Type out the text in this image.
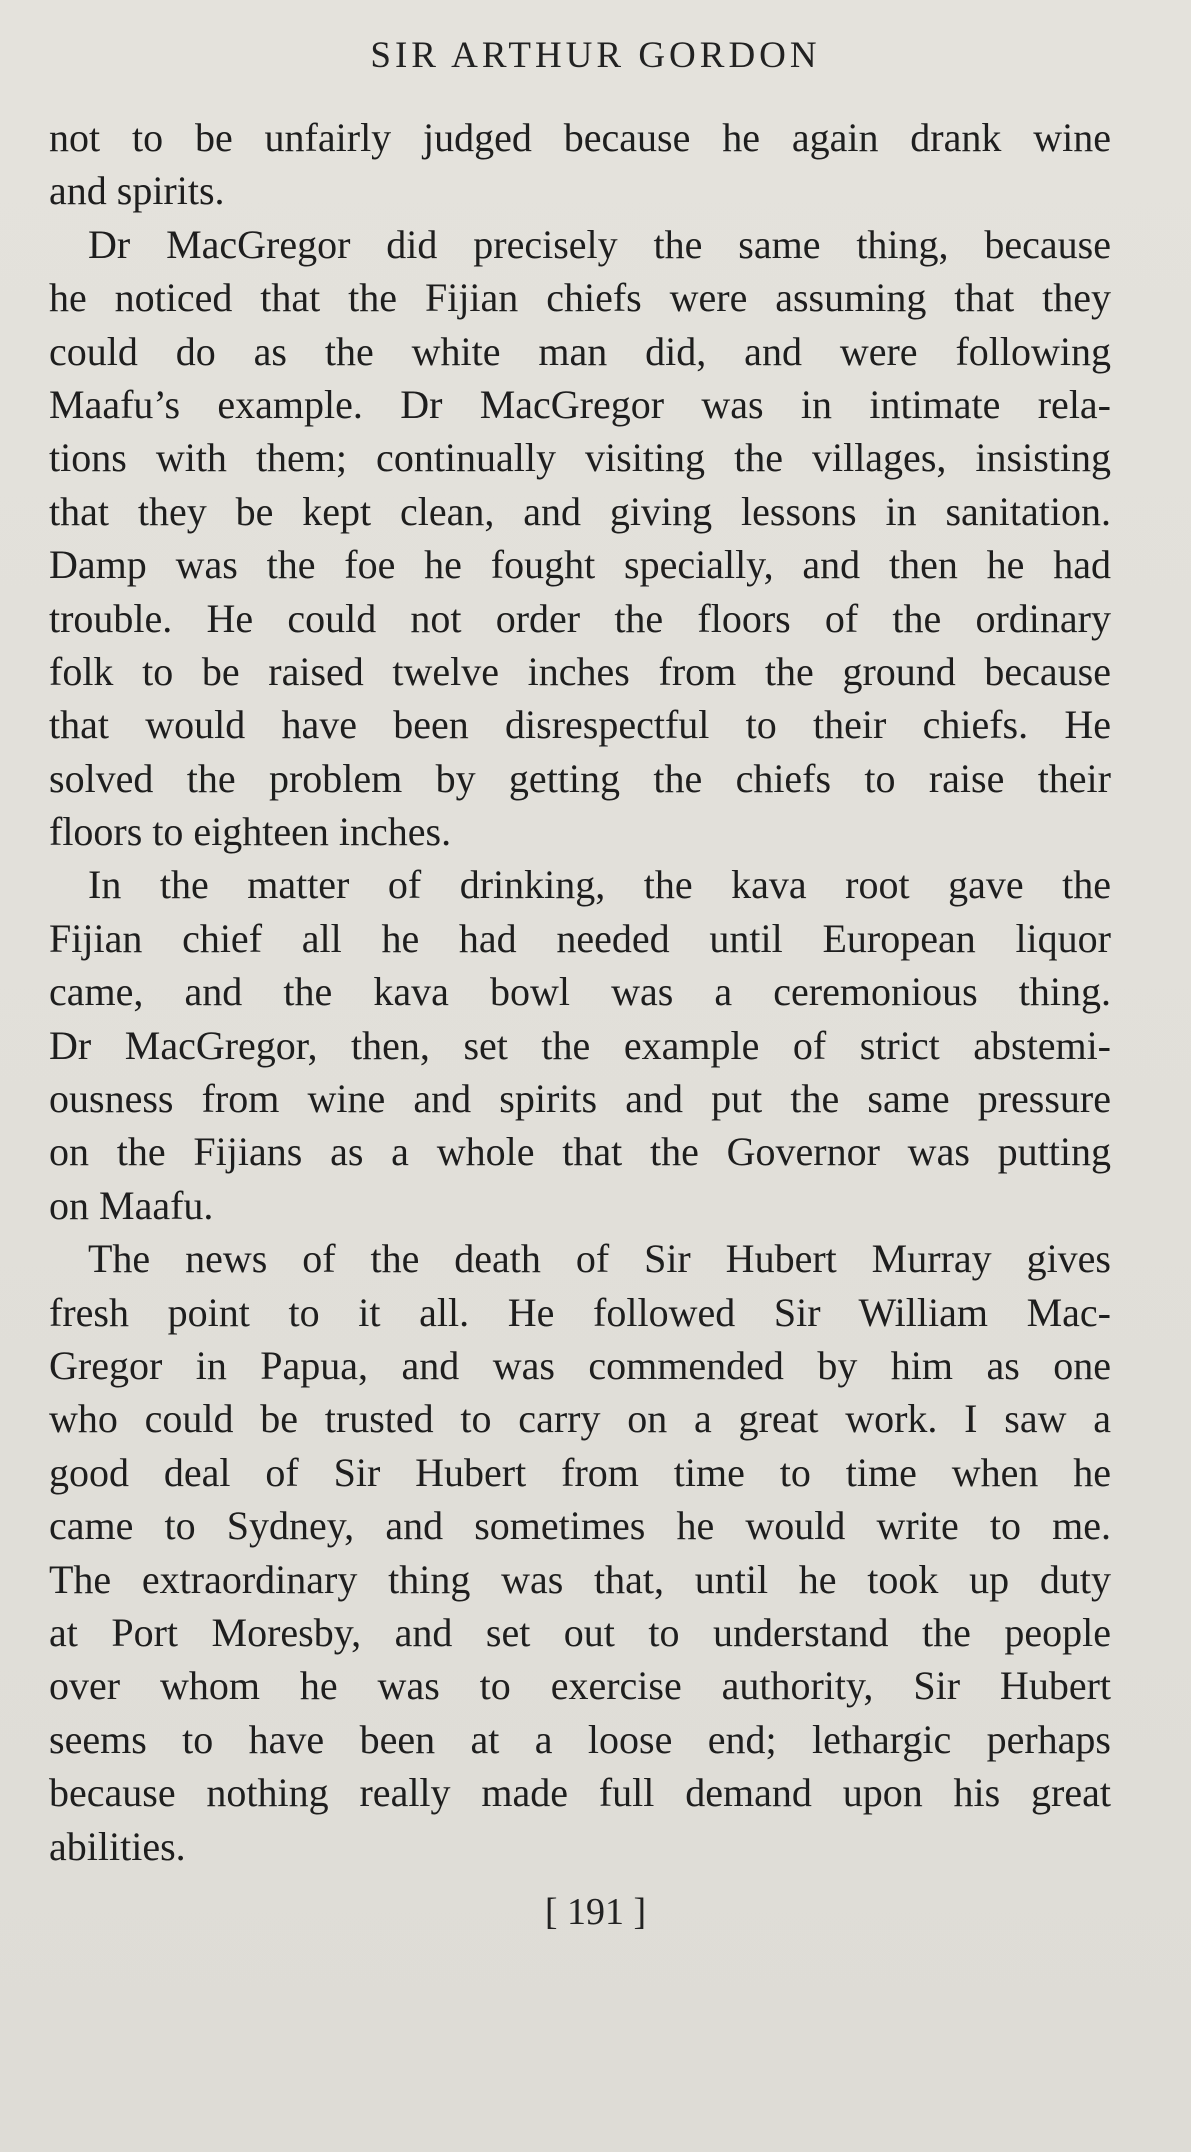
SIR ARTHUR GORDON

not to be unfairly judged because he again drank wine
and spirits.

Dr MacGregor did precisely the same thing, because
he noticed that the Fijian chiefs were assuming that they
could do as the white man did, and were following
Maafu’s example. Dr MacGregor was in intimate rela-
tions with them; continually visiting the villages, insisting
that they be kept clean, and giving lessons in sanitation.
Damp was the foe he fought specially, and then he had
trouble. He could not order the floors of the ordinary
folk to be raised twelve inches from the ground because
that would have been disrespectful to their chiefs. He
solved the problem by getting the chiefs to raise their
floors to eighteen inches.

In the matter of drinking, the kava root gave the
Fijian chief all he had needed until European liquor
came, and the kava bowl was a ceremonious thing.
Dr MacGregor, then, set the example of strict abstemi-
ousness from wine and spirits and put the same pressure
on the Fijians as a whole that the Governor was putting
on Maafu.

The news of the death of Sir Hubert Murray gives
fresh point to it all. He followed Sir William Mac-
Gregor in Papua, and was commended by him as one
who could be trusted to carry on a great work. I saw a
good deal of Sir Hubert from time to time when he
came to Sydney, and sometimes he would write to me.
The extraordinary thing was that, until he took up duty
at Port Moresby, and set out to understand the people
over whom he was to exercise authority, Sir Hubert
seems to have been at a loose end; lethargic perhaps
because nothing really made full demand upon his great
abilities.

[ 191 ]
